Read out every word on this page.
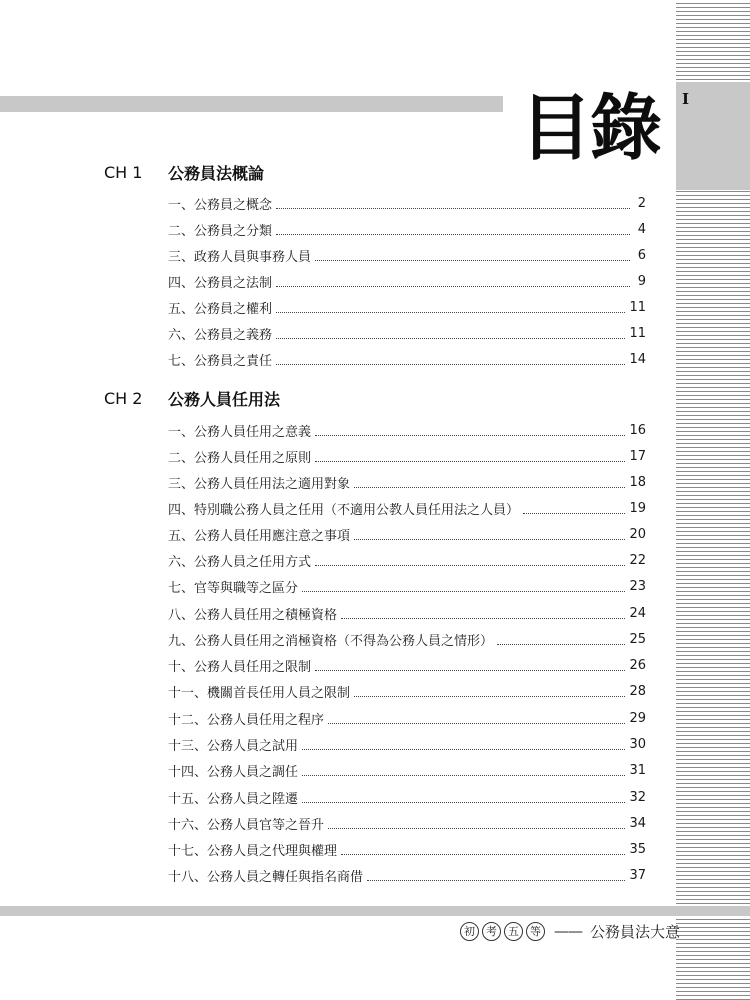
I
目錄
CH 1	公務員法概論
一、公務員之概念	2
二、公務員之分類	4
三、政務人員與事務人員	6
四、公務員之法制	9
五、公務員之權利	11
六、公務員之義務	11
七、公務員之責任	14
CH 2	公務人員任用法
一、公務人員任用之意義	16
二、公務人員任用之原則	17
三、公務人員任用法之適用對象	18
四、特別職公務人員之任用（不適用公教人員任用法之人員）	19
五、公務人員任用應注意之事項	20
六、公務人員之任用方式	22
七、官等與職等之區分	23
八、公務人員任用之積極資格	24
九、公務人員任用之消極資格（不得為公務人員之情形）	25
十、公務人員任用之限制	26
十一、機關首長任用人員之限制	28
十二、公務人員任用之程序	29
十三、公務人員之試用	30
十四、公務人員之調任	31
十五、公務人員之陞遷	32
十六、公務人員官等之晉升	34
十七、公務人員之代理與權理	35
十八、公務人員之轉任與指名商借	37
初	考	五	等 —— 公務員法大意
